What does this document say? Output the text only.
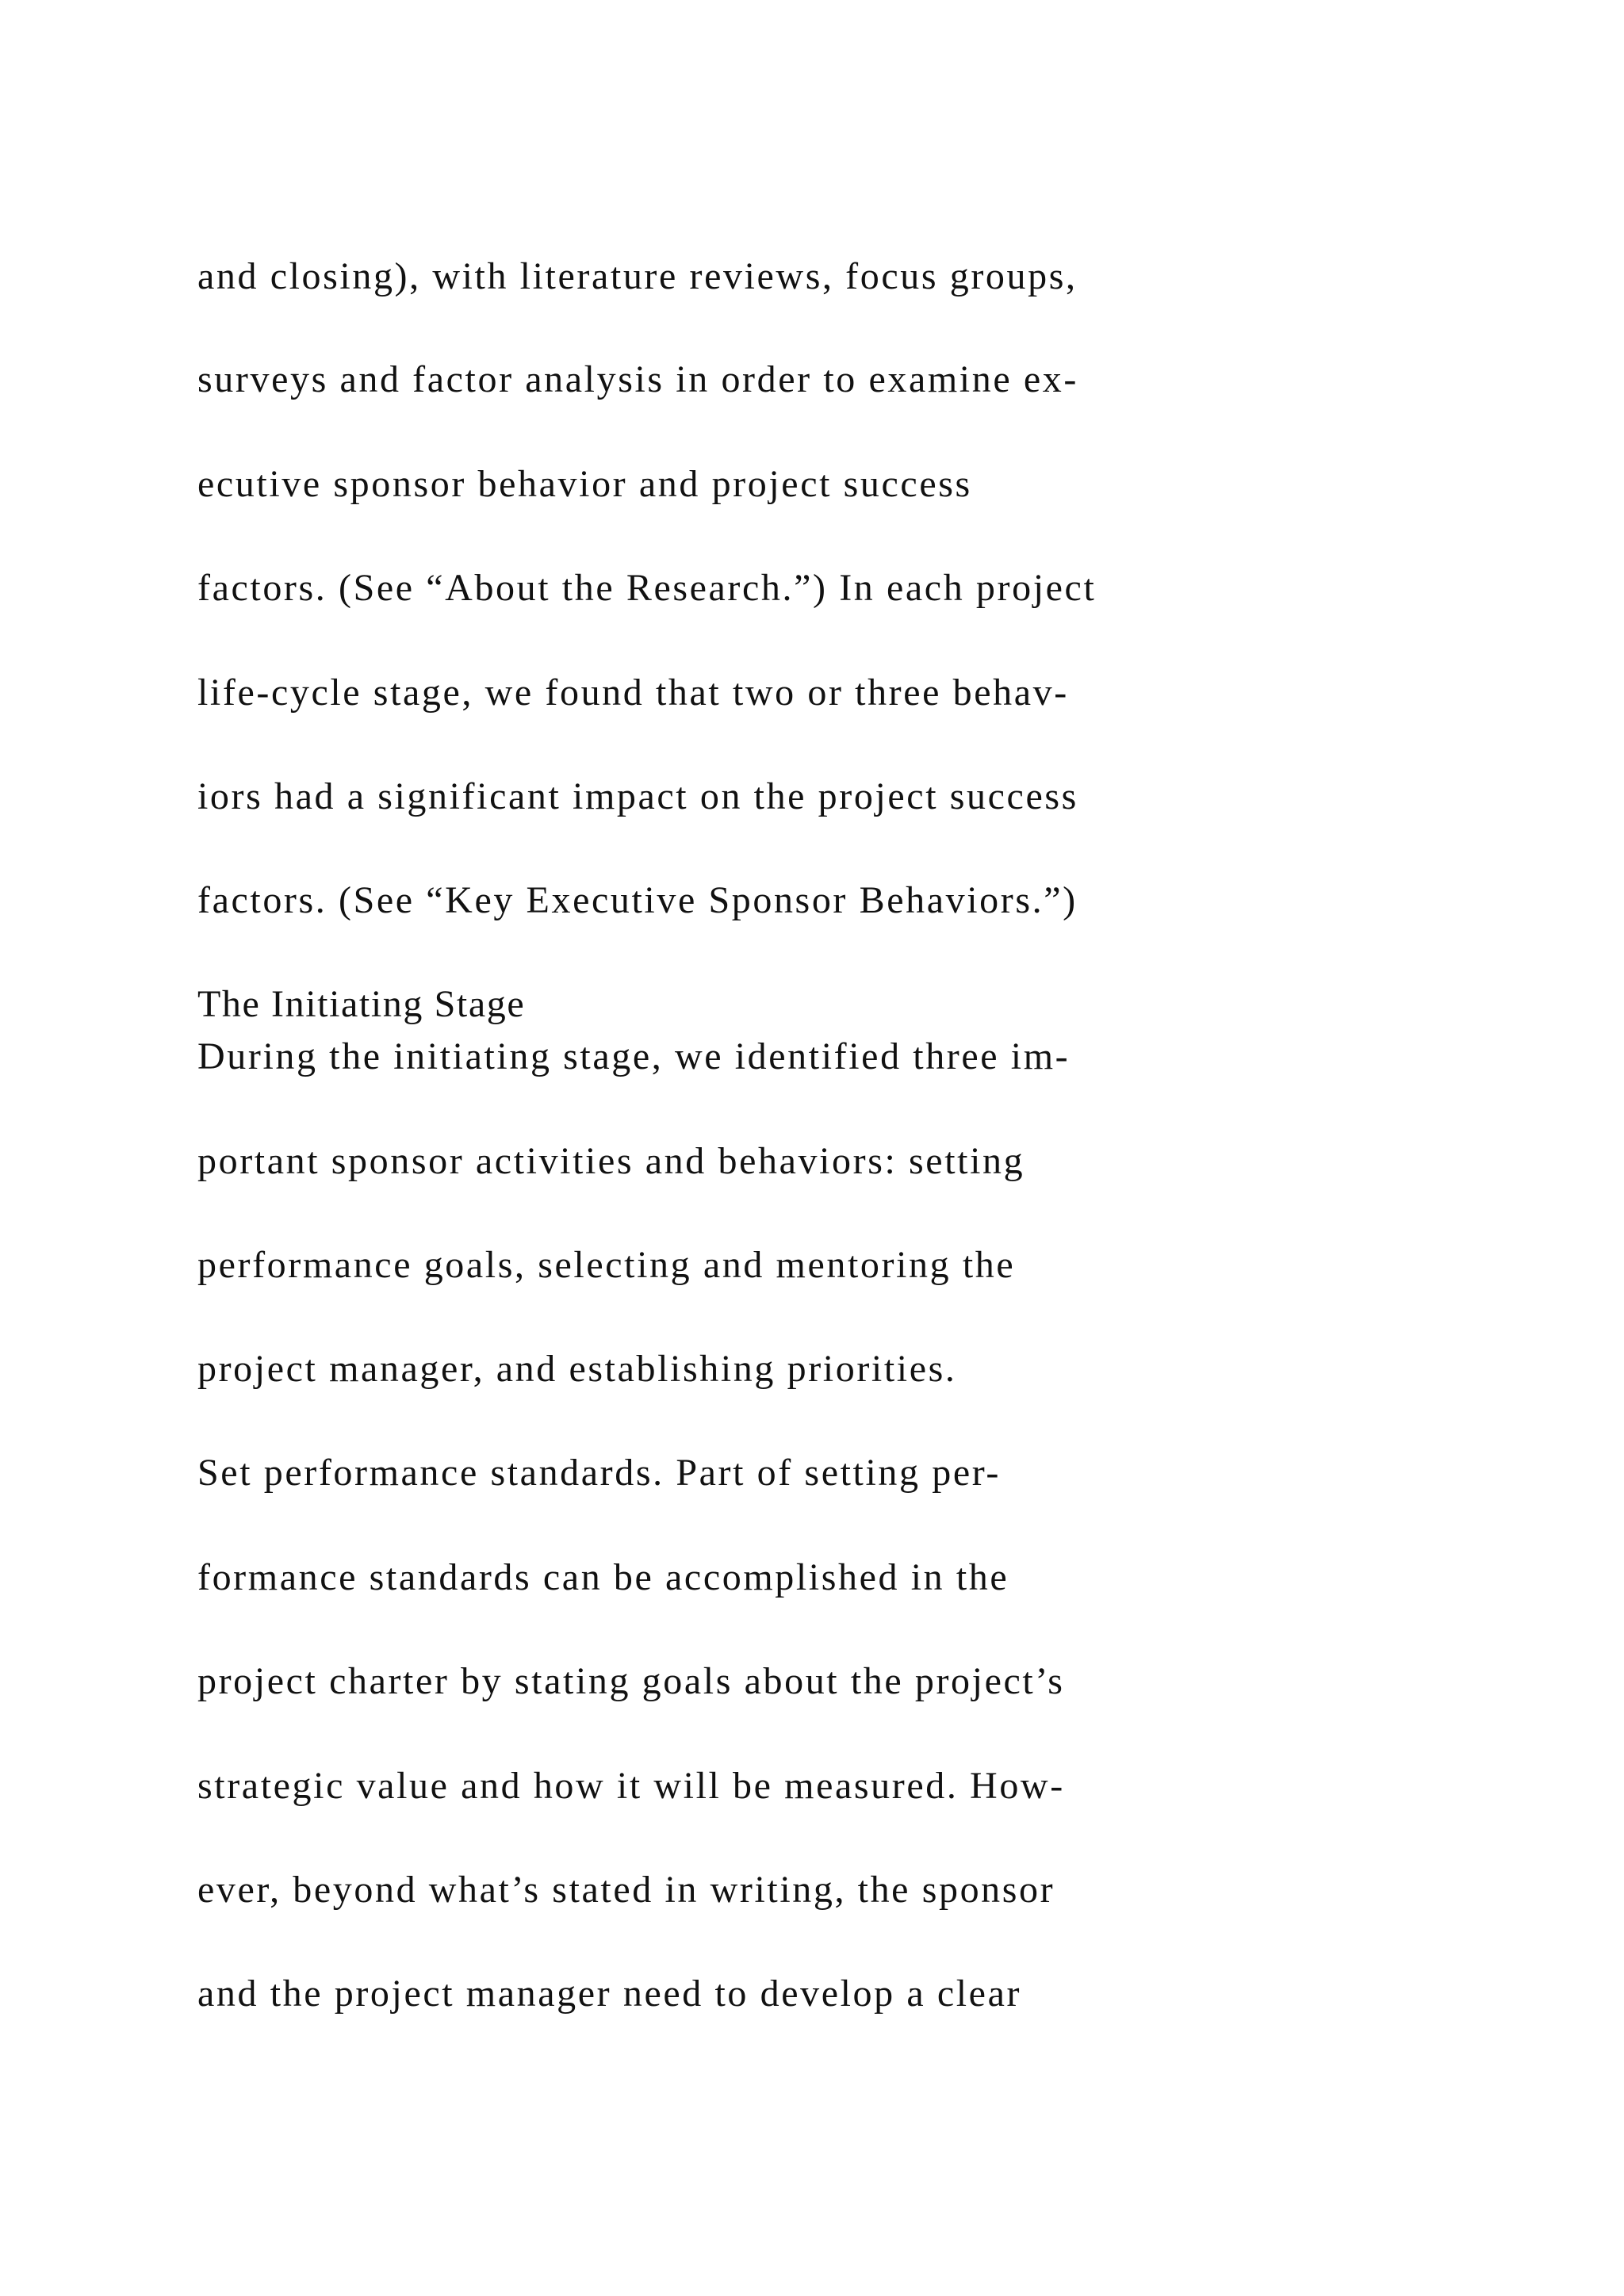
and closing), with literature reviews, focus groups,

surveys and factor analysis in order to examine ex-

ecutive sponsor behavior and project success

factors. (See “About the Research.”) In each project

life-cycle stage, we found that two or three behav-

iors had a significant impact on the project success

factors. (See “Key Executive Sponsor Behaviors.”)

The Initiating Stage

During the initiating stage, we identified three im-

portant sponsor activities and behaviors: setting

performance goals, selecting and mentoring the

project manager, and establishing priorities.

Set performance standards. Part of setting per-

formance standards can be accomplished in the

project charter by stating goals about the project’s

strategic value and how it will be measured. How-

ever, beyond what’s stated in writing, the sponsor

and the project manager need to develop a clear
